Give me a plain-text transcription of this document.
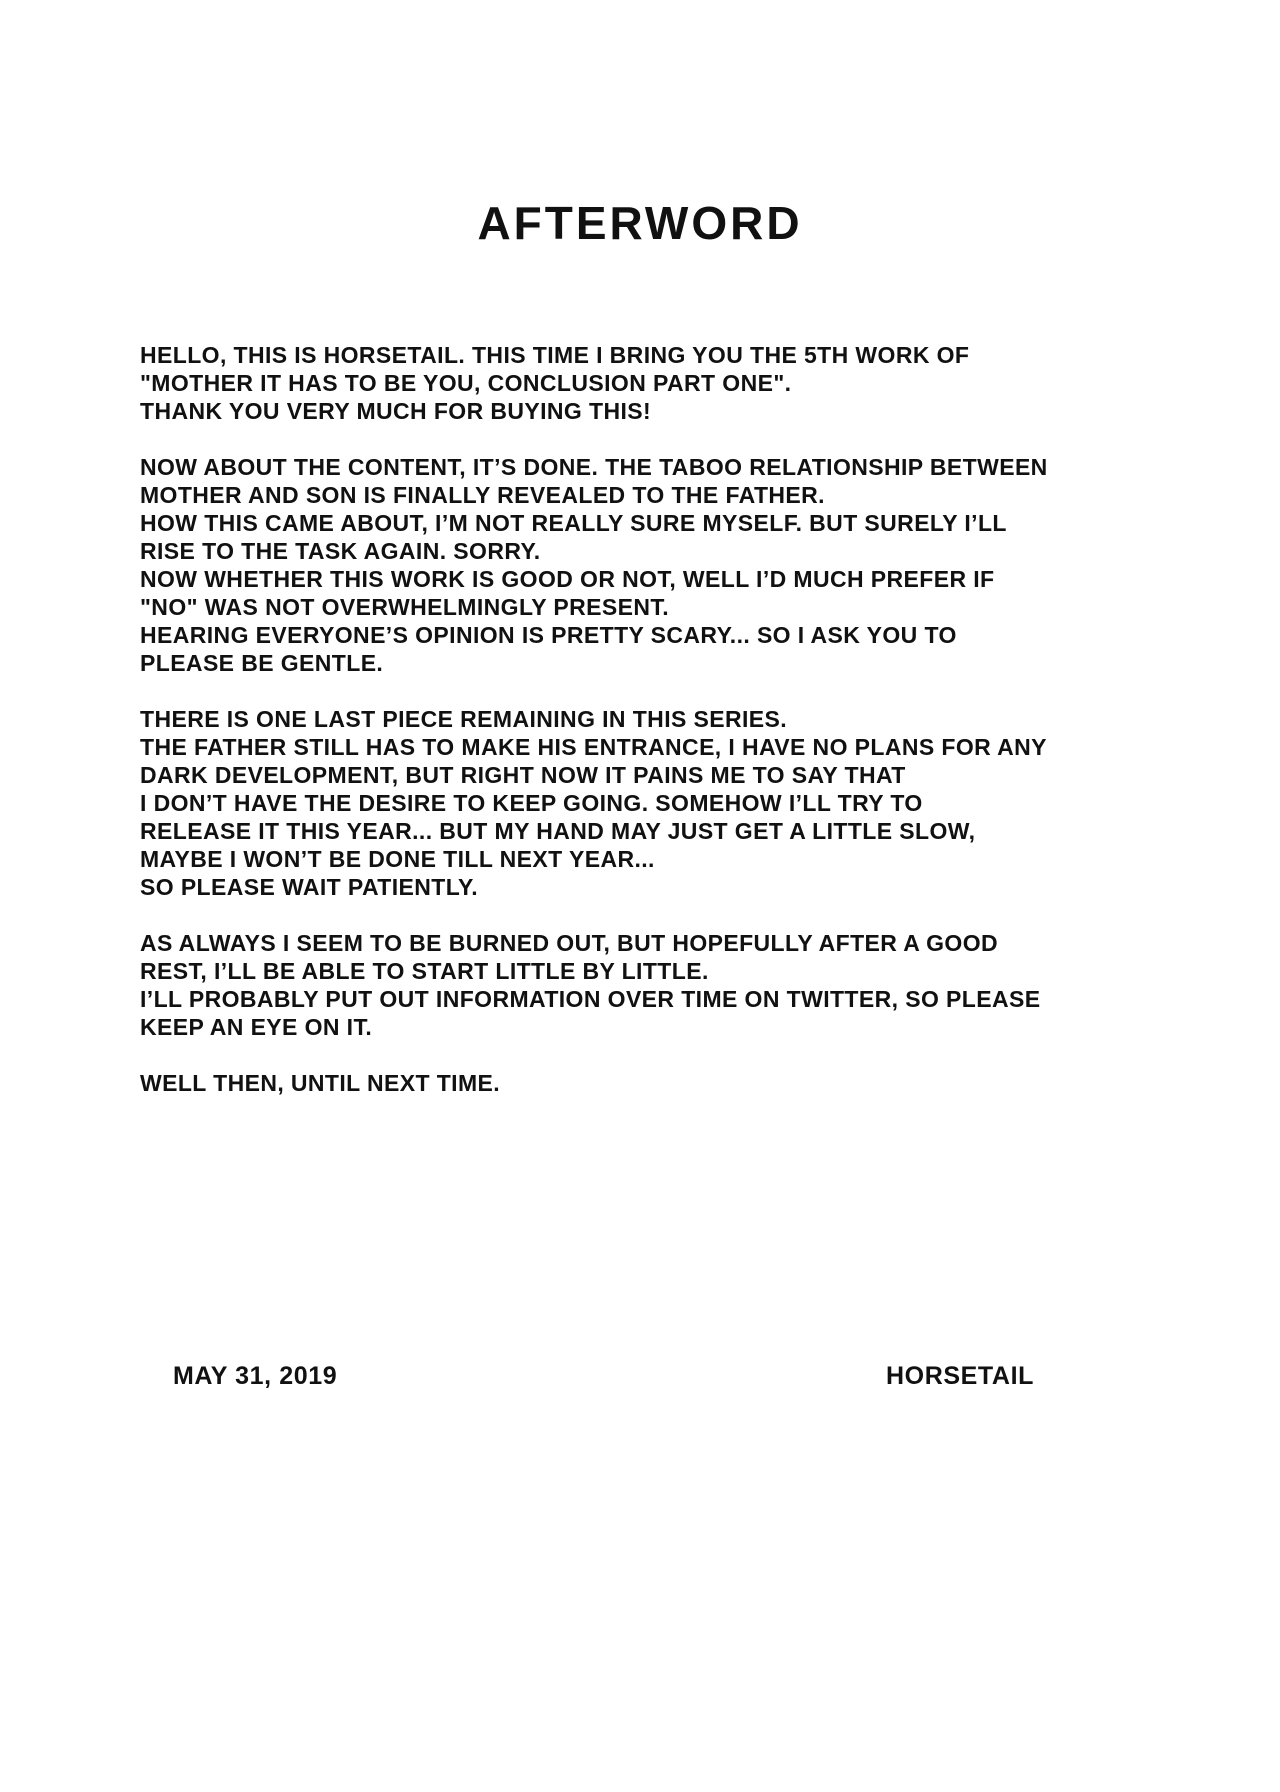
AFTERWORD
HELLO, THIS IS HORSETAIL. THIS TIME I BRING YOU THE 5TH WORK OF
"MOTHER IT HAS TO BE YOU, CONCLUSION PART ONE".
THANK YOU VERY MUCH FOR BUYING THIS!
NOW ABOUT THE CONTENT, IT’S DONE. THE TABOO RELATIONSHIP BETWEEN
MOTHER AND SON IS FINALLY REVEALED TO THE FATHER.
HOW THIS CAME ABOUT, I’M NOT REALLY SURE MYSELF. BUT SURELY I’LL
RISE TO THE TASK AGAIN. SORRY.
NOW WHETHER THIS WORK IS GOOD OR NOT, WELL I’D MUCH PREFER IF
"NO" WAS NOT OVERWHELMINGLY PRESENT.
HEARING EVERYONE’S OPINION IS PRETTY SCARY... SO I ASK YOU TO
PLEASE BE GENTLE.
THERE IS ONE LAST PIECE REMAINING IN THIS SERIES.
THE FATHER STILL HAS TO MAKE HIS ENTRANCE, I HAVE NO PLANS FOR ANY
DARK DEVELOPMENT, BUT RIGHT NOW IT PAINS ME TO SAY THAT
I DON’T HAVE THE DESIRE TO KEEP GOING. SOMEHOW I’LL TRY TO
RELEASE IT THIS YEAR... BUT MY HAND MAY JUST GET A LITTLE SLOW,
MAYBE I WON’T BE DONE TILL NEXT YEAR...
SO PLEASE WAIT PATIENTLY.
AS ALWAYS I SEEM TO BE BURNED OUT, BUT HOPEFULLY AFTER A GOOD
REST, I’LL BE ABLE TO START LITTLE BY LITTLE.
I’LL PROBABLY PUT OUT INFORMATION OVER TIME ON TWITTER, SO PLEASE
KEEP AN EYE ON IT.
WELL THEN, UNTIL NEXT TIME.
MAY 31, 2019	HORSETAIL
